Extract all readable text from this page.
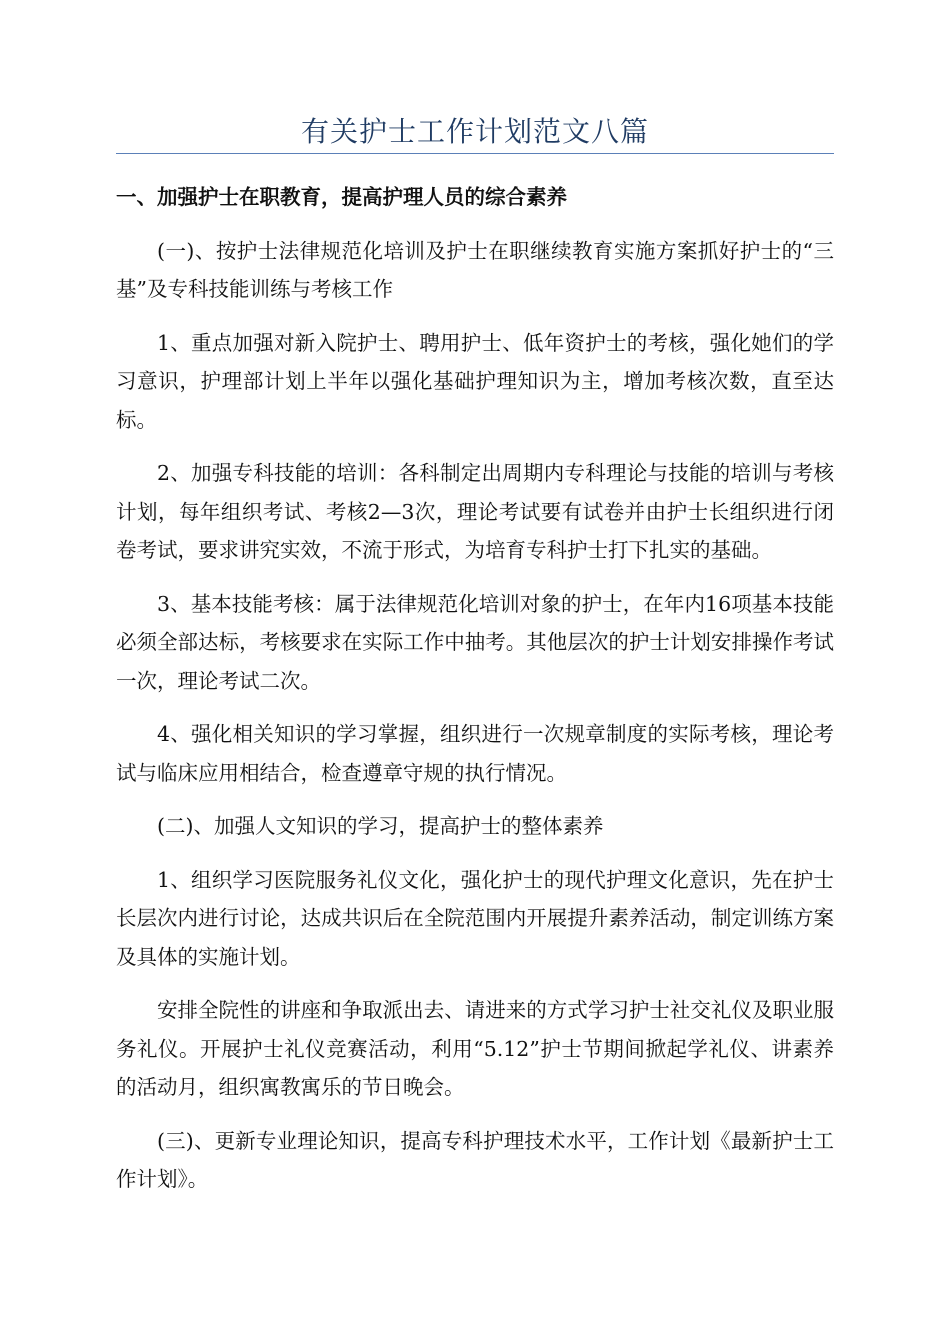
有关护士工作计划范文八篇

一、加强护士在职教育，提高护理人员的综合素养

(一)、按护士法律规范化培训及护士在职继续教育实施方案抓好护士的“三基”及专科技能训练与考核工作

1、重点加强对新入院护士、聘用护士、低年资护士的考核，强化她们的学习意识，护理部计划上半年以强化基础护理知识为主，增加考核次数，直至达标。

2、加强专科技能的培训：各科制定出周期内专科理论与技能的培训与考核计划，每年组织考试、考核2—3次，理论考试要有试卷并由护士长组织进行闭卷考试，要求讲究实效，不流于形式，为培育专科护士打下扎实的基础。

3、基本技能考核：属于法律规范化培训对象的护士，在年内16项基本技能必须全部达标，考核要求在实际工作中抽考。其他层次的护士计划安排操作考试一次，理论考试二次。

4、强化相关知识的学习掌握，组织进行一次规章制度的实际考核，理论考试与临床应用相结合，检查遵章守规的执行情况。

(二)、加强人文知识的学习，提高护士的整体素养

1、组织学习医院服务礼仪文化，强化护士的现代护理文化意识，先在护士长层次内进行讨论，达成共识后在全院范围内开展提升素养活动，制定训练方案及具体的实施计划。

安排全院性的讲座和争取派出去、请进来的方式学习护士社交礼仪及职业服务礼仪。开展护士礼仪竞赛活动，利用“5.12”护士节期间掀起学礼仪、讲素养的活动月，组织寓教寓乐的节日晚会。

(三)、更新专业理论知识，提高专科护理技术水平，工作计划《最新护士工作计划》。
